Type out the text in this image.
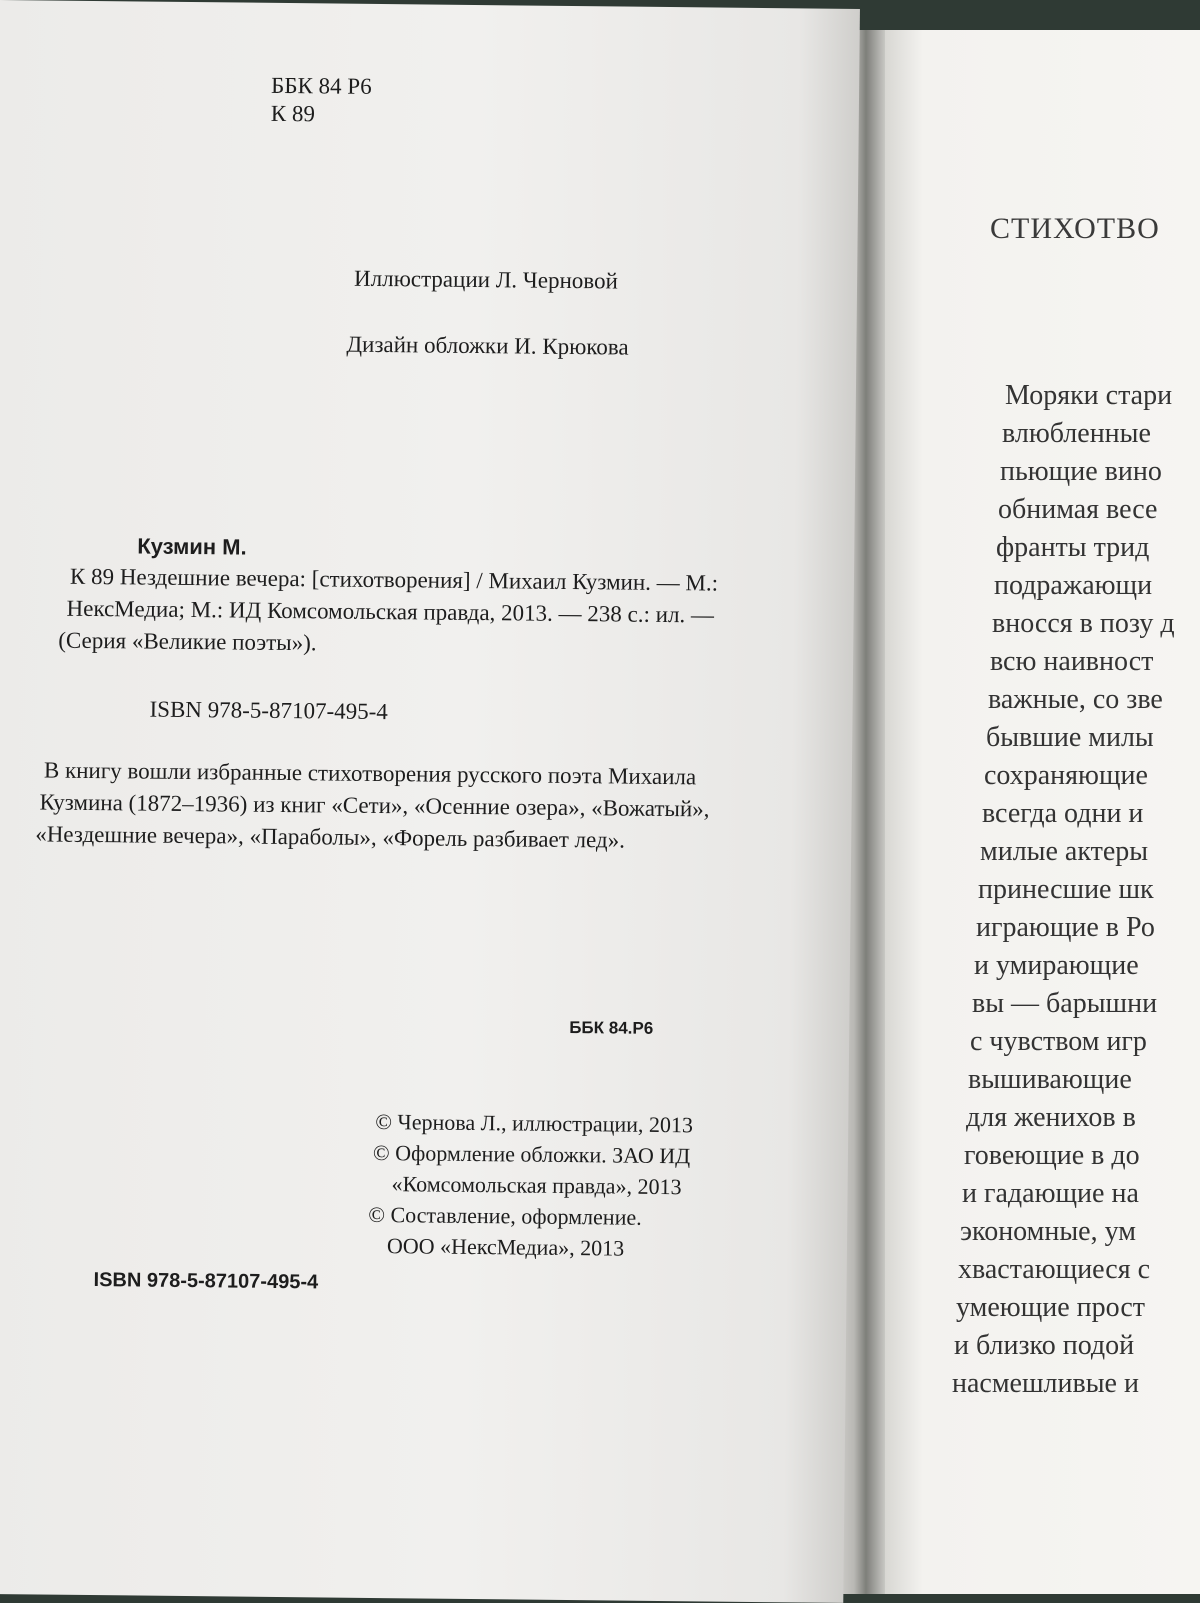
ББК 84 Р6
К 89
Иллюстрации Л. Черновой
Дизайн обложки И. Крюкова
Кузмин М.
К 89 Нездешние вечера: [стихотворения] / Михаил Кузмин. — М.:
НексМедиа; М.: ИД Комсомольская правда, 2013. — 238 с.: ил. —
(Серия «Великие поэты»).
ISBN 978-5-87107-495-4
В книгу вошли избранные стихотворения русского поэта Михаила
Кузмина (1872–1936) из книг «Сети», «Осенние озера», «Вожатый»,
«Нездешние вечера», «Параболы», «Форель разбивает лед».
ББК 84.Р6
© Чернова Л., иллюстрации, 2013
© Оформление обложки. ЗАО ИД
«Комсомольская правда», 2013
© Составление, оформление.
ООО «НексМедиа», 2013
ISBN 978-5-87107-495-4
СТИХОТВО
Моряки стари
влюбленные
пьющие вино
обнимая весе
франты трид
подражающи
вносся в позу д
всю наивност
важные, со зве
бывшие милы
сохраняющие
всегда одни и
милые актеры
принесшие шк
играющие в Ро
и умирающие
вы — барышни
с чувством игр
вышивающие
для женихов в
говеющие в до
и гадающие на
экономные, ум
хвастающиеся с
умеющие прост
и близко подой
насмешливые и
